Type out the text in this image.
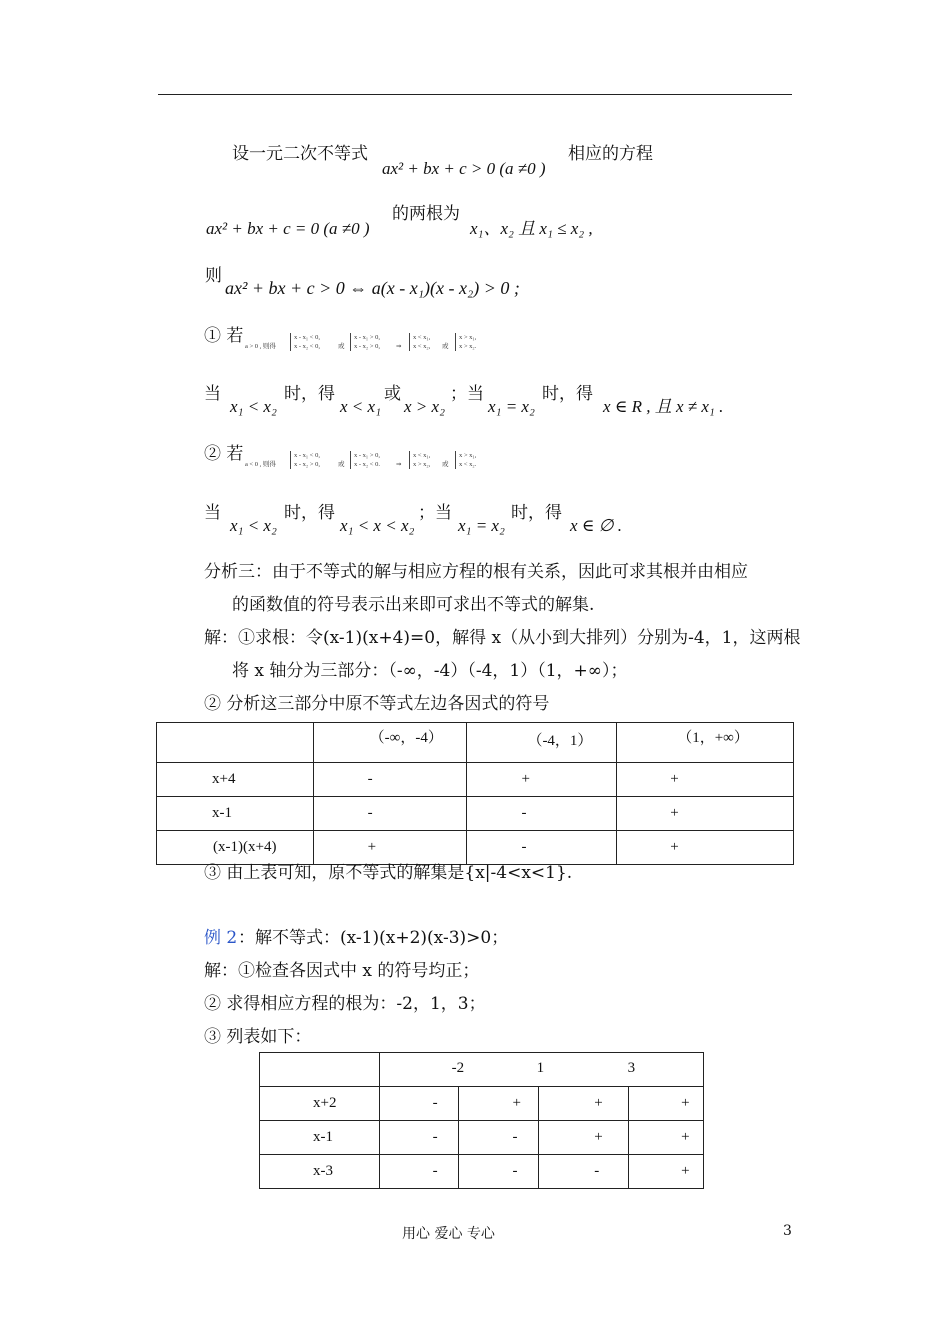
设一元二次不等式
ax² + bx + c > 0 (a ≠0 )
相应的方程
ax² + bx + c = 0 (a ≠0 )
的两根为
x₁、x₂ 且 x₁ ≤ x₂ ,
则
ax² + bx + c > 0 ⇔ a(x - x₁)(x - x₂) > 0 ;
① 若
a > 0 , 则得
x - x₁ < 0,
x - x₂ < 0,	或
x - x₁ > 0,
x - x₂ > 0, ⇒
x < x₁,
x < x₂, 或
x > x₁,
x > x₂.
当
x₁ < x₂
时，得
x < x₁
或
x > x₂
；当
x₁ = x₂
时，得
x ∈ R , 且 x ≠ x₁ .
② 若
a < 0 , 则得
x - x₁ < 0,
x - x₂ > 0,	或
x - x₁ > 0,
x - x₂ < 0. ⇒
x < x₁,
x > x₂, 或
x > x₁,
x < x₂.
当
x₁ < x₂
时，得
x₁ < x < x₂
；当
x₁ = x₂
时，得
x ∈ ∅ .
分析三：由于不等式的解与相应方程的根有关系，因此可求其根并由相应
的函数值的符号表示出来即可求出不等式的解集.
解：①求根：令(x-1)(x+4)=0，解得 x（从小到大排列）分别为-4，1，这两根
将 x 轴分为三部分：（-∞，-4）（-4，1）（1，+∞）；
② 分析这三部分中原不等式左边各因式的符号
	（-∞，-4）	（-4，1）	（1，+∞）
x+4	-	+	+
x-1	-	-	+
(x-1)(x+4)	+	-	+
③ 由上表可知，原不等式的解集是{x|-4<x<1}.
例 2 ：解不等式：(x-1)(x+2)(x-3)>0；
解：①检查各因式中 x 的符号均正；
② 求得相应方程的根为：-2，1，3；
③ 列表如下：

	-2 1 3			

x+2	-	+	+	+
x-1	-	-	+	+
x-3	-	-	-	+
用心 爱心 专心	3
